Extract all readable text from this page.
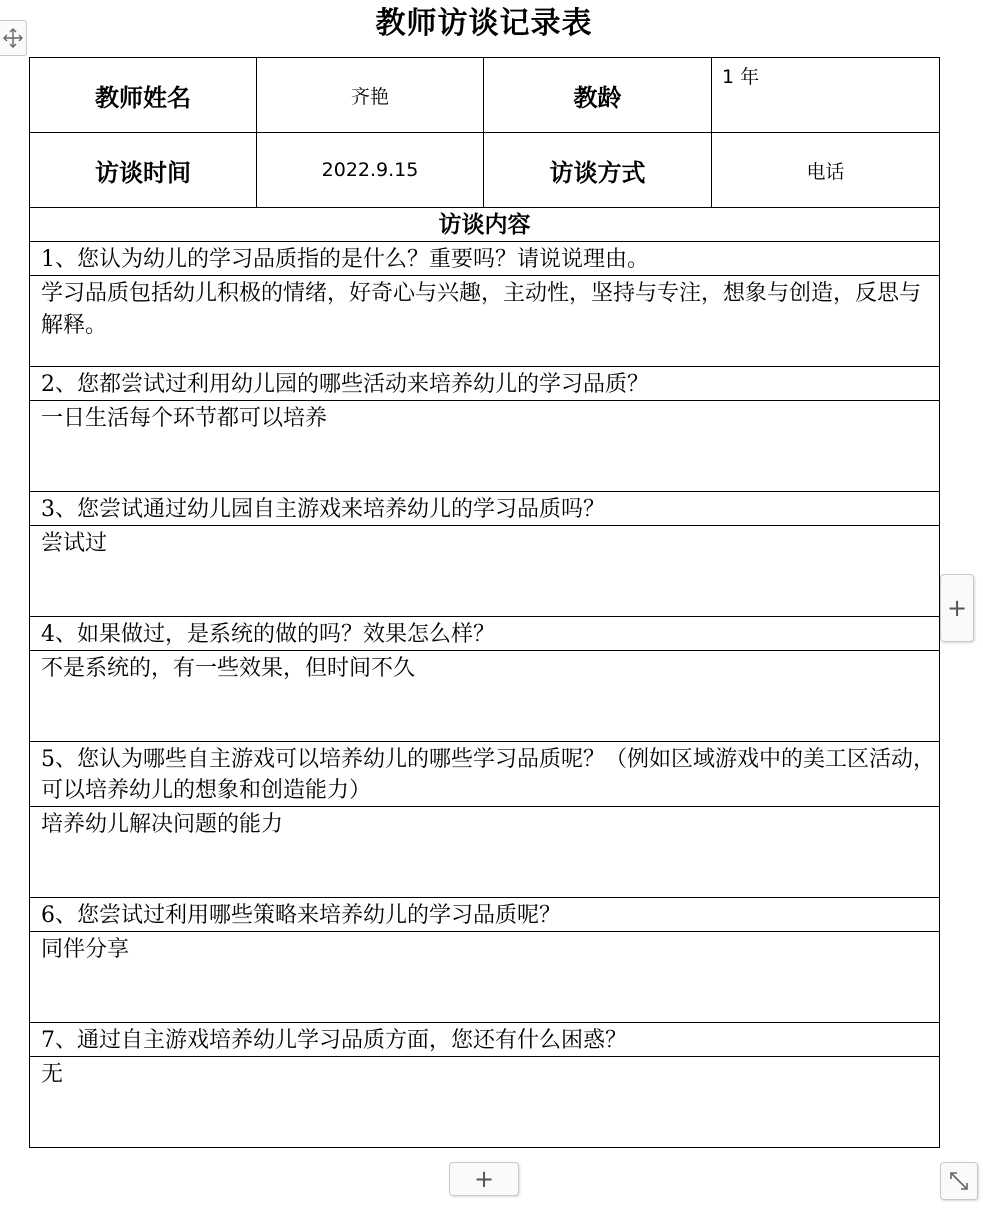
教师访谈记录表
教师姓名	齐艳	教龄	1 年
访谈时间	2022.9.15	访谈方式	电话
访谈内容			
1、您认为幼儿的学习品质指的是什么？重要吗？请说说理由。			
学习品质包括幼儿积极的情绪，好奇心与兴趣，主动性，坚持与专注，想象与创造，反思与解释。			
2、您都尝试过利用幼儿园的哪些活动来培养幼儿的学习品质？			
一日生活每个环节都可以培养			
3、您尝试通过幼儿园自主游戏来培养幼儿的学习品质吗？			
尝试过			
4、如果做过，是系统的做的吗？效果怎么样？			
不是系统的，有一些效果，但时间不久			
5、您认为哪些自主游戏可以培养幼儿的哪些学习品质呢？（例如区域游戏中的美工区活动，可以培养幼儿的想象和创造能力）			
培养幼儿解决问题的能力			
6、您尝试过利用哪些策略来培养幼儿的学习品质呢？			
同伴分享			
7、通过自主游戏培养幼儿学习品质方面，您还有什么困惑？			
无			
+
+
